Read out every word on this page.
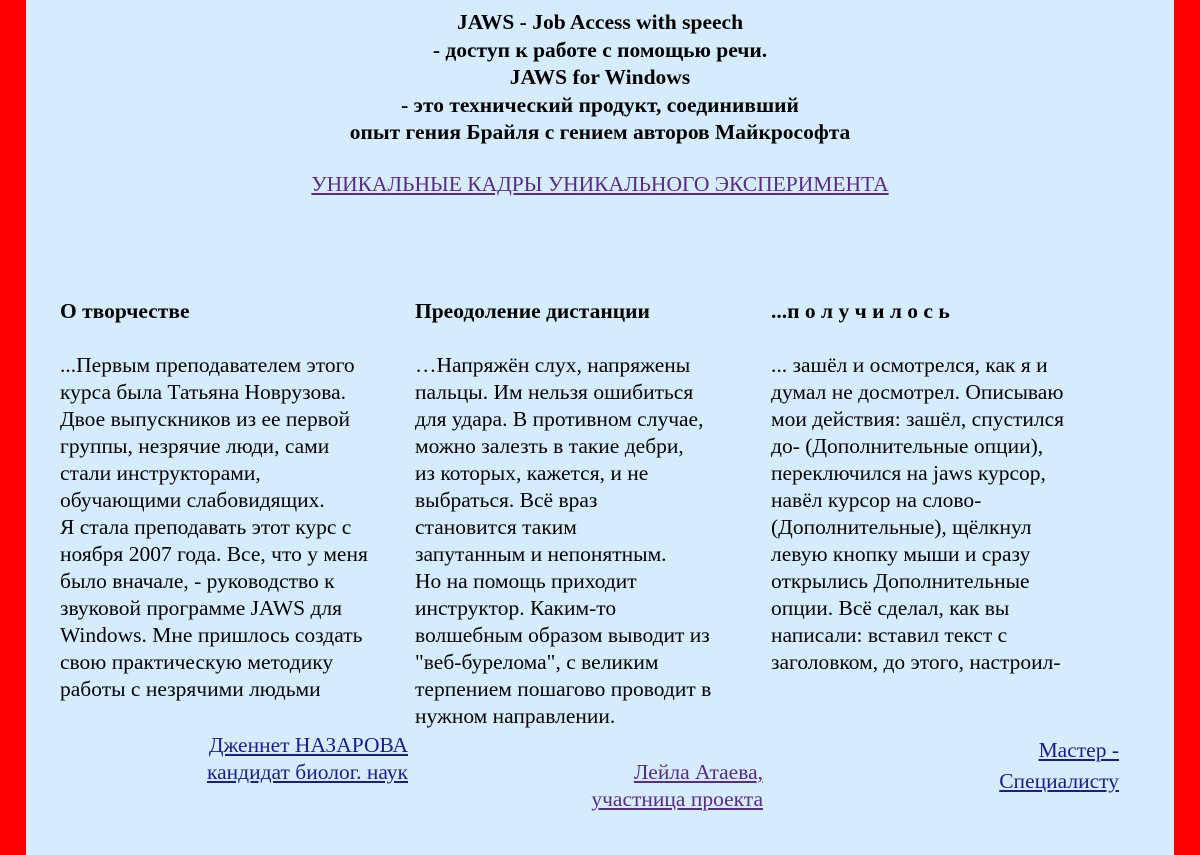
JAWS - Job Access with speech
- доступ к работе с помощью речи.
JAWS for Windows
- это технический продукт, соединивший
опыт гения Брайля с гением авторов Майкрософта
УНИКАЛЬНЫЕ КАДРЫ УНИКАЛЬНОГО ЭКСПЕРИМЕНТА
О творчестве
...Первым преподавателем этого
курса была Татьяна Новрузова.
Двое выпускников из ее первой
группы, незрячие люди, сами
стали инструкторами,
обучающими слабовидящих.
Я стала преподавать этот курс с
ноября 2007 года. Все, что у меня
было вначале, - руководство к
звуковой программе JAWS для
Windows. Мне пришлось создать
свою практическую методику
работы с незрячими людьми
Дженнет НАЗАРОВА
кандидат биолог. наук
Преодоление дистанции
…Напряжён слух, напряжены
пальцы. Им нельзя ошибиться
для удара. В противном случае,
можно залезть в такие дебри,
из которых, кажется, и не
выбраться. Всё враз
становится таким
запутанным и непонятным.
Но на помощь приходит
инструктор. Каким-то
волшебным образом выводит из
"веб-бурелома", с великим
терпением пошагово проводит в
нужном направлении.
Лейла Атаева,
участница проекта
...п о л у ч и л о с ь
... зашёл и осмотрелся, как я и
думал не досмотрел. Описываю
мои действия: зашёл, спустился
до- (Дополнительные опции),
переключился на jaws курсор,
навёл курсор на слово-
(Дополнительные), щёлкнул
левую кнопку мыши и сразу
открылись Дополнительные
опции. Всё сделал, как вы
написали: вставил текст с
заголовком, до этого, настроил-
Мастер -
Специалисту
